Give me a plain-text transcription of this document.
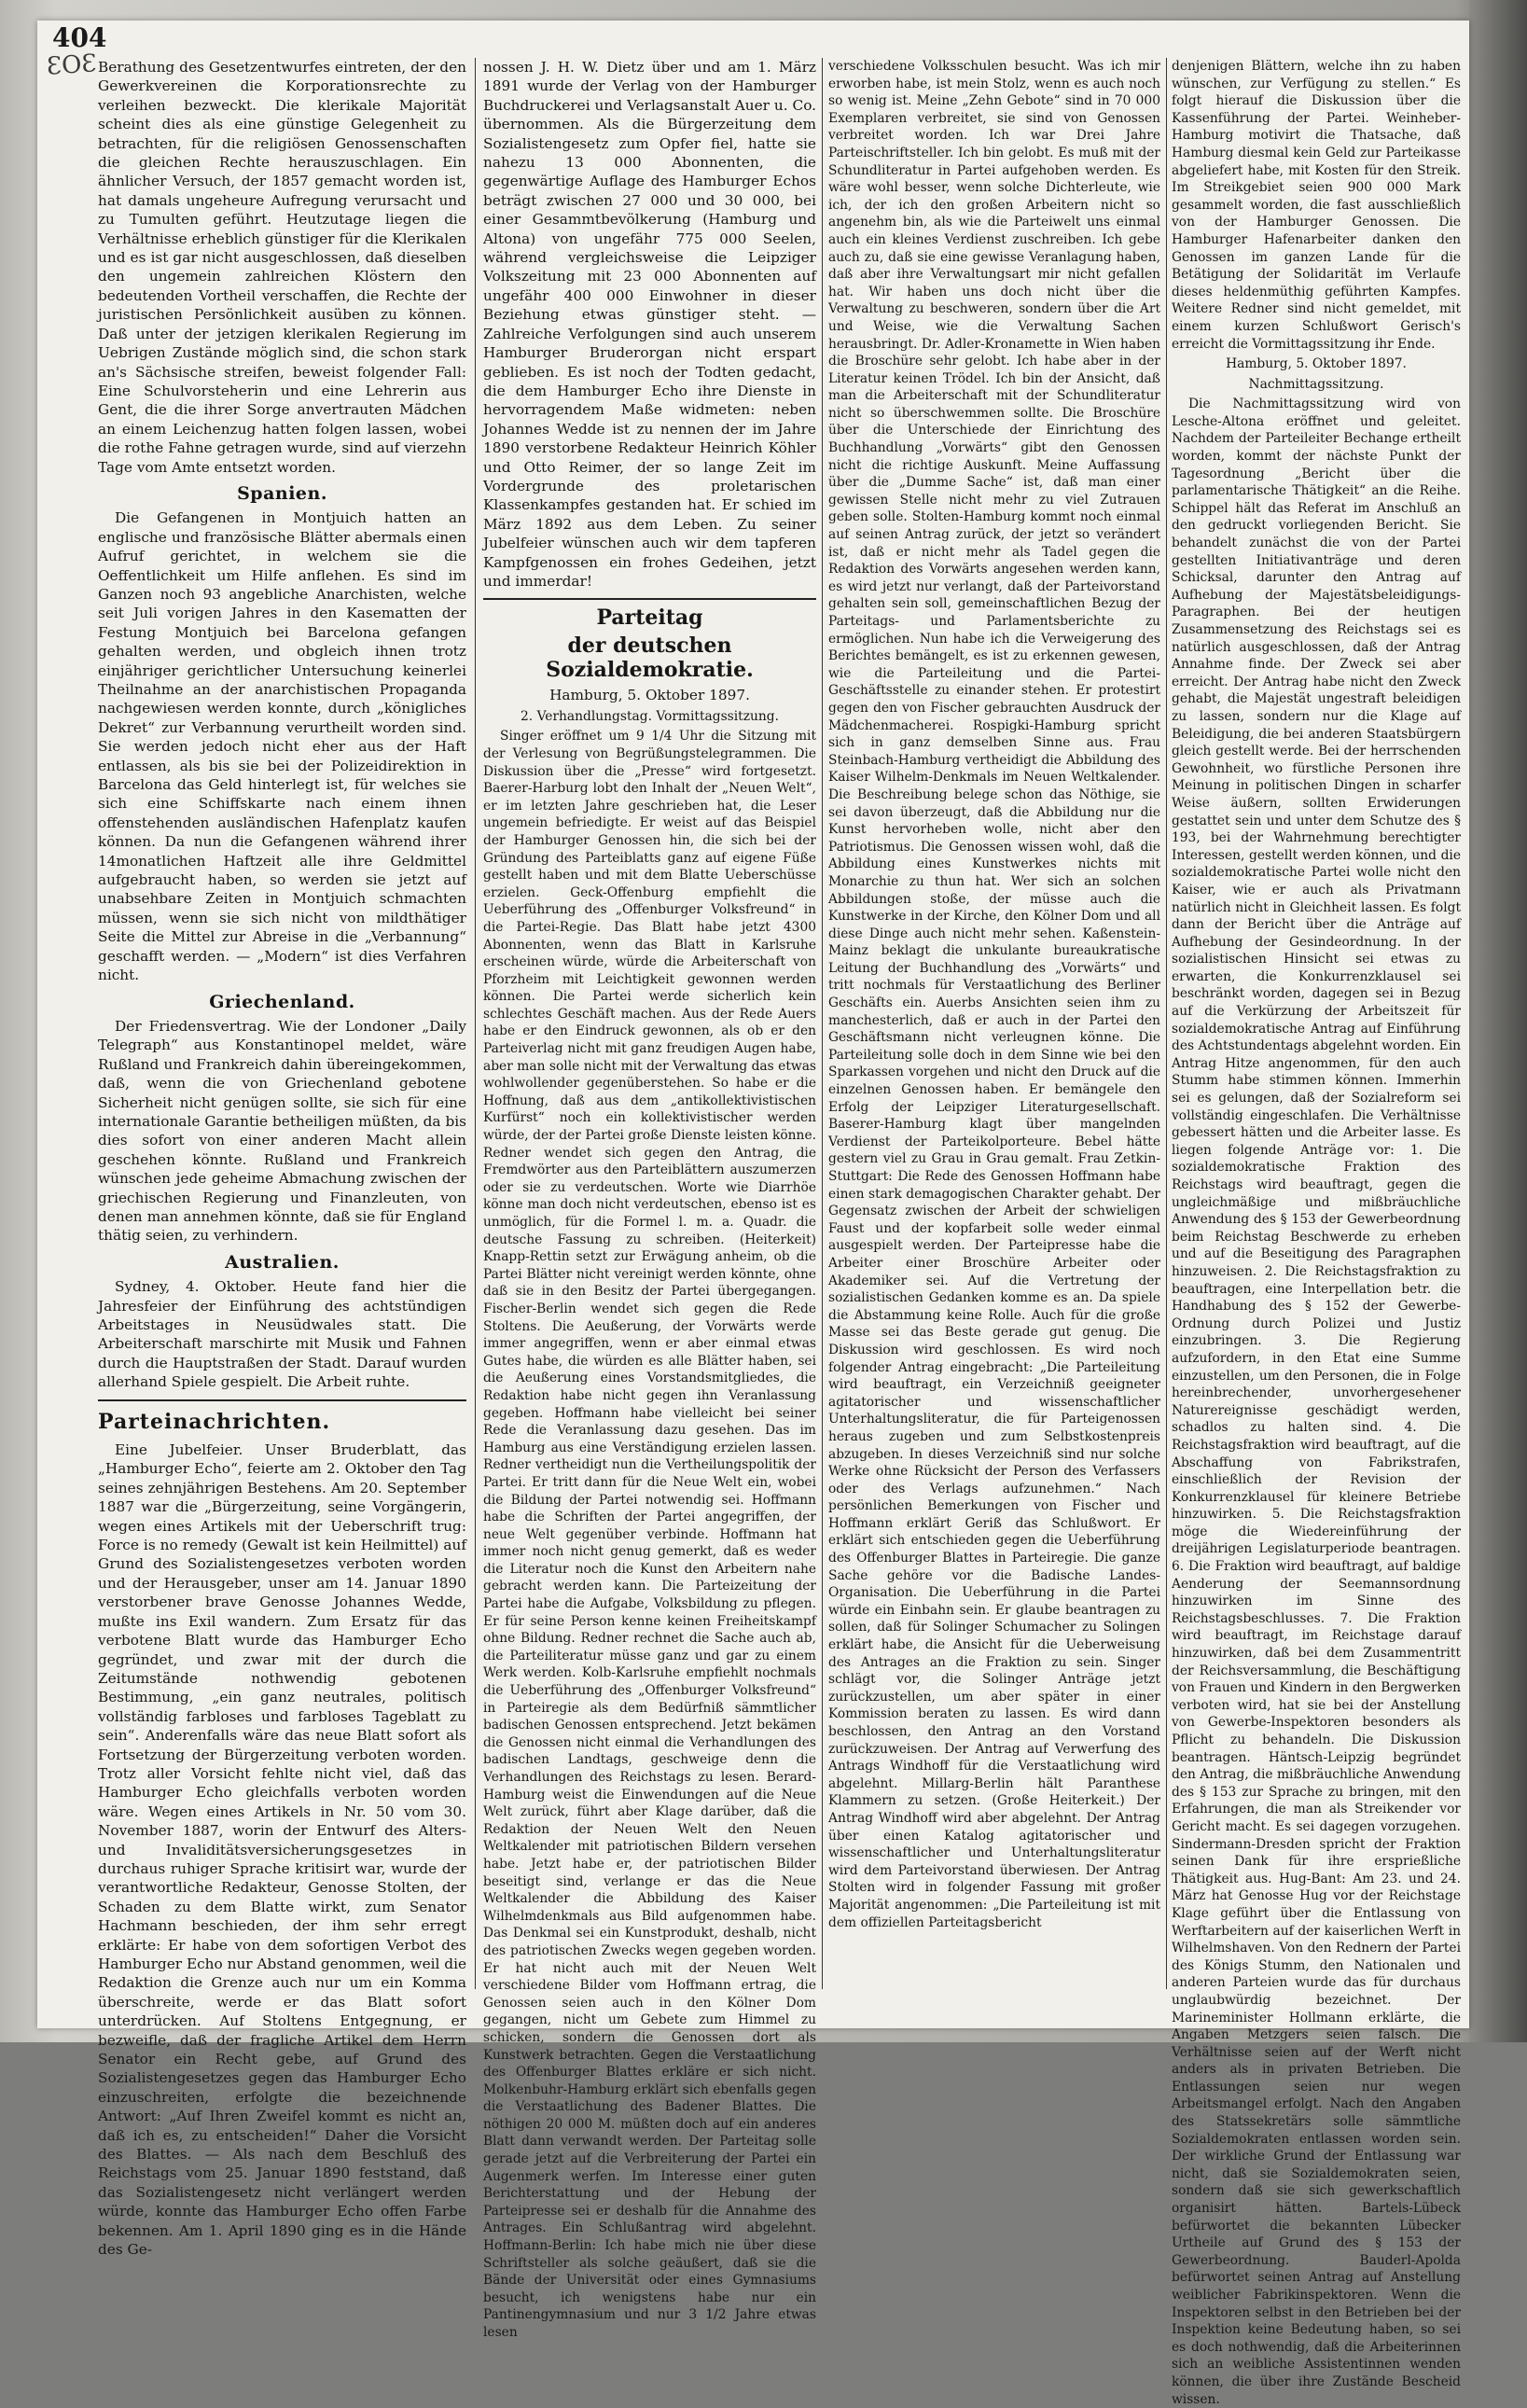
404
ƐOƐ Berathung des Gesetzentwurfes eintreten, der den Gewerkvereinen die Korporationsrechte zu verleihen bezweckt. Die klerikale Majorität scheint dies als eine günstige Gelegenheit zu betrachten, für die religiösen Genossenschaften die gleichen Rechte herauszuschlagen. Ein ähnlicher Versuch, der 1857 gemacht worden ist, hat damals ungeheure Aufregung verursacht und zu Tumulten geführt. Heutzutage liegen die Verhältnisse erheblich günstiger für die Klerikalen und es ist gar nicht ausgeschlossen, daß dieselben den ungemein zahlreichen Klöstern den bedeutenden Vortheil verschaffen, die Rechte der juristischen Persönlichkeit ausüben zu können. Daß unter der jetzigen klerikalen Regierung im Uebrigen Zustände möglich sind, die schon stark an's Sächsische streifen, beweist folgender Fall: Eine Schulvorsteherin und eine Lehrerin aus Gent, die die ihrer Sorge anvertrauten Mädchen an einem Leichenzug hatten folgen lassen, wobei die rothe Fahne getragen wurde, sind auf vierzehn Tage vom Amte entsetzt worden.

Spanien.

Die Gefangenen in Montjuich hatten an englische und französische Blätter abermals einen Aufruf gerichtet, in welchem sie die Oeffentlichkeit um Hilfe anflehen. Es sind im Ganzen noch 93 angebliche Anarchisten, welche seit Juli vorigen Jahres in den Kasematten der Festung Montjuich bei Barcelona gefangen gehalten werden, und obgleich ihnen trotz einjähriger gerichtlicher Untersuchung keinerlei Theilnahme an der anarchistischen Propaganda nachgewiesen werden konnte, durch „königliches Dekret“ zur Verbannung verurtheilt worden sind. Sie werden jedoch nicht eher aus der Haft entlassen, als bis sie bei der Polizeidirektion in Barcelona das Geld hinterlegt ist, für welches sie sich eine Schiffskarte nach einem ihnen offenstehenden ausländischen Hafenplatz kaufen können. Da nun die Gefangenen während ihrer 14monatlichen Haftzeit alle ihre Geldmittel aufgebraucht haben, so werden sie jetzt auf unabsehbare Zeiten in Montjuich schmachten müssen, wenn sie sich nicht von mildthätiger Seite die Mittel zur Abreise in die „Verbannung“ geschafft werden. — „Modern“ ist dies Verfahren nicht.

Griechenland.

Der Friedensvertrag. Wie der Londoner „Daily Telegraph“ aus Konstantinopel meldet, wäre Rußland und Frankreich dahin übereingekommen, daß, wenn die von Griechenland gebotene Sicherheit nicht genügen sollte, sie sich für eine internationale Garantie betheiligen müßten, da bis dies sofort von einer anderen Macht allein geschehen könnte. Rußland und Frankreich wünschen jede geheime Abmachung zwischen der griechischen Regierung und Finanzleuten, von denen man annehmen könnte, daß sie für England thätig seien, zu verhindern.

Australien.

Sydney, 4. Oktober. Heute fand hier die Jahresfeier der Einführung des achtstündigen Arbeitstages in Neusüdwales statt. Die Arbeiterschaft marschirte mit Musik und Fahnen durch die Hauptstraßen der Stadt. Darauf wurden allerhand Spiele gespielt. Die Arbeit ruhte.

Parteinachrichten.

Eine Jubelfeier. Unser Bruderblatt, das „Hamburger Echo“, feierte am 2. Oktober den Tag seines zehnjährigen Bestehens. Am 20. September 1887 war die „Bürgerzeitung, seine Vorgängerin, wegen eines Artikels mit der Ueberschrift trug: Force is no remedy (Gewalt ist kein Heilmittel) auf Grund des Sozialistengesetzes verboten worden und der Herausgeber, unser am 14. Januar 1890 verstorbener brave Genosse Johannes Wedde, mußte ins Exil wandern. Zum Ersatz für das verbotene Blatt wurde das Hamburger Echo gegründet, und zwar mit der durch die Zeitumstände nothwendig gebotenen Bestimmung, „ein ganz neutrales, politisch vollständig farbloses und farbloses Tageblatt zu sein“. Anderenfalls wäre das neue Blatt sofort als Fortsetzung der Bürgerzeitung verboten worden. Trotz aller Vorsicht fehlte nicht viel, daß das Hamburger Echo gleichfalls verboten worden wäre. Wegen eines Artikels in Nr. 50 vom 30. November 1887, worin der Entwurf des Alters- und Invaliditätsversicherungsgesetzes in durchaus ruhiger Sprache kritisirt war, wurde der verantwortliche Redakteur, Genosse Stolten, der Schaden zu dem Blatte wirkt, zum Senator Hachmann beschieden, der ihm sehr erregt erklärte: Er habe von dem sofortigen Verbot des Hamburger Echo nur Abstand genommen, weil die Redaktion die Grenze auch nur um ein Komma überschreite, werde er das Blatt sofort unterdrücken. Auf Stoltens Entgegnung, er bezweifle, daß der fragliche Artikel dem Herrn Senator ein Recht gebe, auf Grund des Sozialistengesetzes gegen das Hamburger Echo einzuschreiten, erfolgte die bezeichnende Antwort: „Auf Ihren Zweifel kommt es nicht an, daß ich es, zu entscheiden!“ Daher die Vorsicht des Blattes. — Als nach dem Beschluß des Reichstags vom 25. Januar 1890 feststand, daß das Sozialistengesetz nicht verlängert werden würde, konnte das Hamburger Echo offen Farbe bekennen. Am 1. April 1890 ging es in die Hände des Ge-

nossen J. H. W. Dietz über und am 1. März 1891 wurde der Verlag von der Hamburger Buchdruckerei und Verlagsanstalt Auer u. Co. übernommen. Als die Bürgerzeitung dem Sozialistengesetz zum Opfer fiel, hatte sie nahezu 13 000 Abonnenten, die gegenwärtige Auflage des Hamburger Echos beträgt zwischen 27 000 und 30 000, bei einer Gesammtbevölkerung (Hamburg und Altona) von ungefähr 775 000 Seelen, während vergleichsweise die Leipziger Volkszeitung mit 23 000 Abonnenten auf ungefähr 400 000 Einwohner in dieser Beziehung etwas günstiger steht. — Zahlreiche Verfolgungen sind auch unserem Hamburger Bruderorgan nicht erspart geblieben. Es ist noch der Todten gedacht, die dem Hamburger Echo ihre Dienste in hervorragendem Maße widmeten: neben Johannes Wedde ist zu nennen der im Jahre 1890 verstorbene Redakteur Heinrich Köhler und Otto Reimer, der so lange Zeit im Vordergrunde des proletarischen Klassenkampfes gestanden hat. Er schied im März 1892 aus dem Leben. Zu seiner Jubelfeier wünschen auch wir dem tapferen Kampfgenossen ein frohes Gedeihen, jetzt und immerdar!

Parteitag
der deutschen Sozialdemokratie.

Hamburg, 5. Oktober 1897.

2. Verhandlungstag. Vormittagssitzung.

Singer eröffnet um 9 1/4 Uhr die Sitzung mit der Verlesung von Begrüßungstelegrammen. Die Diskussion über die „Presse“ wird fortgesetzt. Baerer-Harburg lobt den Inhalt der „Neuen Welt“, er im letzten Jahre geschrieben hat, die Leser ungemein befriedigte. Er weist auf das Beispiel der Hamburger Genossen hin, die sich bei der Gründung des Parteiblatts ganz auf eigene Füße gestellt haben und mit dem Blatte Ueberschüsse erzielen. Geck-Offenburg empfiehlt die Ueberführung des „Offenburger Volksfreund“ in die Partei-Regie. Das Blatt habe jetzt 4300 Abonnenten, wenn das Blatt in Karlsruhe erscheinen würde, würde die Arbeiterschaft von Pforzheim mit Leichtigkeit gewonnen werden können. Die Partei werde sicherlich kein schlechtes Geschäft machen. Aus der Rede Auers habe er den Eindruck gewonnen, als ob er den Parteiverlag nicht mit ganz freudigen Augen habe, aber man solle nicht mit der Verwaltung das etwas wohlwollender gegenüberstehen. So habe er die Hoffnung, daß aus dem „antikollektivistischen Kurfürst“ noch ein kollektivistischer werden würde, der der Partei große Dienste leisten könne. Redner wendet sich gegen den Antrag, die Fremdwörter aus den Parteiblättern auszumerzen oder sie zu verdeutschen. Worte wie Diarrhöe könne man doch nicht verdeutschen, ebenso ist es unmöglich, für die Formel l. m. a. Quadr. die deutsche Fassung zu schreiben. (Heiterkeit) Knapp-Rettin setzt zur Erwägung anheim, ob die Partei Blätter nicht vereinigt werden könnte, ohne daß sie in den Besitz der Partei übergegangen. Fischer-Berlin wendet sich gegen die Rede Stoltens. Die Aeußerung, der Vorwärts werde immer angegriffen, wenn er aber einmal etwas Gutes habe, die würden es alle Blätter haben, sei die Aeußerung eines Vorstandsmitgliedes, die Redaktion habe nicht gegen ihn Veranlassung gegeben. Hoffmann habe vielleicht bei seiner Rede die Veranlassung dazu gesehen. Das im Hamburg aus eine Verständigung erzielen lassen. Redner vertheidigt nun die Vertheilungspolitik der Partei. Er tritt dann für die Neue Welt ein, wobei die Bildung der Partei notwendig sei. Hoffmann habe die Schriften der Partei angegriffen, der neue Welt gegenüber verbinde. Hoffmann hat immer noch nicht genug gemerkt, daß es weder die Literatur noch die Kunst den Arbeitern nahe gebracht werden kann. Die Parteizeitung der Partei habe die Aufgabe, Volksbildung zu pflegen. Er für seine Person kenne keinen Freiheitskampf ohne Bildung. Redner rechnet die Sache auch ab, die Parteiliteratur müsse ganz und gar zu einem Werk werden. Kolb-Karlsruhe empfiehlt nochmals die Ueberführung des „Offenburger Volksfreund“ in Parteiregie als dem Bedürfniß sämmtlicher badischen Genossen entsprechend. Jetzt bekämen die Genossen nicht einmal die Verhandlungen des badischen Landtags, geschweige denn die Verhandlungen des Reichstags zu lesen. Berard-Hamburg weist die Einwendungen auf die Neue Welt zurück, führt aber Klage darüber, daß die Redaktion der Neuen Welt den Neuen Weltkalender mit patriotischen Bildern versehen habe. Jetzt habe er, der patriotischen Bilder beseitigt sind, verlange er das die Neue Weltkalender die Abbildung des Kaiser Wilhelmdenkmals aus Bild aufgenommen habe. Das Denkmal sei ein Kunstprodukt, deshalb, nicht des patriotischen Zwecks wegen gegeben worden. Er hat nicht auch mit der Neuen Welt verschiedene Bilder vom Hoffmann ertrag, die Genossen seien auch in den Kölner Dom gegangen, nicht um Gebete zum Himmel zu schicken, sondern die Genossen dort als Kunstwerk betrachten. Gegen die Verstaatlichung des Offenburger Blattes erkläre er sich nicht. Molkenbuhr-Hamburg erklärt sich ebenfalls gegen die Verstaatlichung des Badener Blattes. Die nöthigen 20 000 M. müßten doch auf ein anderes Blatt dann verwandt werden. Der Parteitag solle gerade jetzt auf die Verbreiterung der Partei ein Augenmerk werfen. Im Interesse einer guten Berichterstattung und der Hebung der Parteipresse sei er deshalb für die Annahme des Antrages. Ein Schlußantrag wird abgelehnt. Hoffmann-Berlin: Ich habe mich nie über diese Schriftsteller als solche geäußert, daß sie die Bände der Universität oder eines Gymnasiums besucht, ich wenigstens habe nur ein Pantinengymnasium und nur 3 1/2 Jahre etwas lesen

verschiedene Volksschulen besucht. Was ich mir erworben habe, ist mein Stolz, wenn es auch noch so wenig ist. Meine „Zehn Gebote“ sind in 70 000 Exemplaren verbreitet, sie sind von Genossen verbreitet worden. Ich war Drei Jahre Parteischriftsteller. Ich bin gelobt. Es muß mit der Schundliteratur in Partei aufgehoben werden. Es wäre wohl besser, wenn solche Dichterleute, wie ich, der ich den großen Arbeitern nicht so angenehm bin, als wie die Parteiwelt uns einmal auch ein kleines Verdienst zuschreiben. Ich gebe auch zu, daß sie eine gewisse Veranlagung haben, daß aber ihre Verwaltungsart mir nicht gefallen hat. Wir haben uns doch nicht über die Verwaltung zu beschweren, sondern über die Art und Weise, wie die Verwaltung Sachen herausbringt. Dr. Adler-Kronamette in Wien haben die Broschüre sehr gelobt. Ich habe aber in der Literatur keinen Trödel. Ich bin der Ansicht, daß man die Arbeiterschaft mit der Schundliteratur nicht so überschwemmen sollte. Die Broschüre über die Unterschiede der Einrichtung des Buchhandlung „Vorwärts“ gibt den Genossen nicht die richtige Auskunft. Meine Auffassung über die „Dumme Sache“ ist, daß man einer gewissen Stelle nicht mehr zu viel Zutrauen geben solle. Stolten-Hamburg kommt noch einmal auf seinen Antrag zurück, der jetzt so verändert ist, daß er nicht mehr als Tadel gegen die Redaktion des Vorwärts angesehen werden kann, es wird jetzt nur verlangt, daß der Parteivorstand gehalten sein soll, gemeinschaftlichen Bezug der Parteitags- und Parlamentsberichte zu ermöglichen. Nun habe ich die Verweigerung des Berichtes bemängelt, es ist zu erkennen gewesen, wie die Parteileitung und die Partei-Geschäftsstelle zu einander stehen. Er protestirt gegen den von Fischer gebrauchten Ausdruck der Mädchenmacherei. Rospigki-Hamburg spricht sich in ganz demselben Sinne aus. Frau Steinbach-Hamburg vertheidigt die Abbildung des Kaiser Wilhelm-Denkmals im Neuen Weltkalender. Die Beschreibung belege schon das Nöthige, sie sei davon überzeugt, daß die Abbildung nur die Kunst hervorheben wolle, nicht aber den Patriotismus. Die Genossen wissen wohl, daß die Abbildung eines Kunstwerkes nichts mit Monarchie zu thun hat. Wer sich an solchen Abbildungen stoße, der müsse auch die Kunstwerke in der Kirche, den Kölner Dom und all diese Dinge auch nicht mehr sehen. Kaßenstein-Mainz beklagt die unkulante bureaukratische Leitung der Buchhandlung des „Vorwärts“ und tritt nochmals für Verstaatlichung des Berliner Geschäfts ein. Auerbs Ansichten seien ihm zu manchesterlich, daß er auch in der Partei den Geschäftsmann nicht verleugnen könne. Die Parteileitung solle doch in dem Sinne wie bei den Sparkassen vorgehen und nicht den Druck auf die einzelnen Genossen haben. Er bemängele den Erfolg der Leipziger Literaturgesellschaft. Baserer-Hamburg klagt über mangelnden Verdienst der Parteikolporteure. Bebel hätte gestern viel zu Grau in Grau gemalt. Frau Zetkin-Stuttgart: Die Rede des Genossen Hoffmann habe einen stark demagogischen Charakter gehabt. Der Gegensatz zwischen der Arbeit der schwieligen Faust und der kopfarbeit solle weder einmal ausgespielt werden. Der Parteipresse habe die Arbeiter einer Broschüre Arbeiter oder Akademiker sei. Auf die Vertretung der sozialistischen Gedanken komme es an. Da spiele die Abstammung keine Rolle. Auch für die große Masse sei das Beste gerade gut genug. Die Diskussion wird geschlossen. Es wird noch folgender Antrag eingebracht: „Die Parteileitung wird beauftragt, ein Verzeichniß geeigneter agitatorischer und wissenschaftlicher Unterhaltungsliteratur, die für Parteigenossen heraus zugeben und zum Selbstkostenpreis abzugeben. In dieses Verzeichniß sind nur solche Werke ohne Rücksicht der Person des Verfassers oder des Verlags aufzunehmen.“ Nach persönlichen Bemerkungen von Fischer und Hoffmann erklärt Geriß das Schlußwort. Er erklärt sich entschieden gegen die Ueberführung des Offenburger Blattes in Parteiregie. Die ganze Sache gehöre vor die Badische Landes-Organisation. Die Ueberführung in die Partei würde ein Einbahn sein. Er glaube beantragen zu sollen, daß für Solinger Schumacher zu Solingen erklärt habe, die Ansicht für die Ueberweisung des Antrages an die Fraktion zu sein. Singer schlägt vor, die Solinger Anträge jetzt zurückzustellen, um aber später in einer Kommission beraten zu lassen. Es wird dann beschlossen, den Antrag an den Vorstand zurückzuweisen. Der Antrag auf Verwerfung des Antrags Windhoff für die Verstaatlichung wird abgelehnt. Millarg-Berlin hält Paranthese Klammern zu setzen. (Große Heiterkeit.) Der Antrag Windhoff wird aber abgelehnt. Der Antrag über einen Katalog agitatorischer und wissenschaftlicher und Unterhaltungsliteratur wird dem Parteivorstand überwiesen. Der Antrag Stolten wird in folgender Fassung mit großer Majorität angenommen: „Die Parteileitung ist mit dem offiziellen Parteitagsbericht

denjenigen Blättern, welche ihn zu haben wünschen, zur Verfügung zu stellen.“ Es folgt hierauf die Diskussion über die Kassenführung der Partei. Weinheber-Hamburg motivirt die Thatsache, daß Hamburg diesmal kein Geld zur Parteikasse abgeliefert habe, mit Kosten für den Streik. Im Streikgebiet seien 900 000 Mark gesammelt worden, die fast ausschließlich von der Hamburger Genossen. Die Hamburger Hafenarbeiter danken den Genossen im ganzen Lande für die Betätigung der Solidarität im Verlaufe dieses heldenmüthig geführten Kampfes. Weitere Redner sind nicht gemeldet, mit einem kurzen Schlußwort Gerisch's erreicht die Vormittagssitzung ihr Ende.

Hamburg, 5. Oktober 1897.

Nachmittagssitzung.

Die Nachmittagssitzung wird von Lesche-Altona eröffnet und geleitet. Nachdem der Parteileiter Bechange ertheilt worden, kommt der nächste Punkt der Tagesordnung „Bericht über die parlamentarische Thätigkeit“ an die Reihe. Schippel hält das Referat im Anschluß an den gedruckt vorliegenden Bericht. Sie behandelt zunächst die von der Partei gestellten Initiativanträge und deren Schicksal, darunter den Antrag auf Aufhebung der Majestätsbeleidigungs-Paragraphen. Bei der heutigen Zusammensetzung des Reichstags sei es natürlich ausgeschlossen, daß der Antrag Annahme finde. Der Zweck sei aber erreicht. Der Antrag habe nicht den Zweck gehabt, die Majestät ungestraft beleidigen zu lassen, sondern nur die Klage auf Beleidigung, die bei anderen Staatsbürgern gleich gestellt werde. Bei der herrschenden Gewohnheit, wo fürstliche Personen ihre Meinung in politischen Dingen in scharfer Weise äußern, sollten Erwiderungen gestattet sein und unter dem Schutze des § 193, bei der Wahrnehmung berechtigter Interessen, gestellt werden können, und die sozialdemokratische Partei wolle nicht den Kaiser, wie er auch als Privatmann natürlich nicht in Gleichheit lassen. Es folgt dann der Bericht über die Anträge auf Aufhebung der Gesindeordnung. In der sozialistischen Hinsicht sei etwas zu erwarten, die Konkurrenzklausel sei beschränkt worden, dagegen sei in Bezug auf die Verkürzung der Arbeitszeit für sozialdemokratische Antrag auf Einführung des Achtstundentags abgelehnt worden. Ein Antrag Hitze angenommen, für den auch Stumm habe stimmen können. Immerhin sei es gelungen, daß der Sozialreform sei vollständig eingeschlafen. Die Verhältnisse gebessert hätten und die Arbeiter lasse. Es liegen folgende Anträge vor: 1. Die sozialdemokratische Fraktion des Reichstags wird beauftragt, gegen die ungleichmäßige und mißbräuchliche Anwendung des § 153 der Gewerbeordnung beim Reichstag Beschwerde zu erheben und auf die Beseitigung des Paragraphen hinzuweisen. 2. Die Reichstagsfraktion zu beauftragen, eine Interpellation betr. die Handhabung des § 152 der Gewerbe-Ordnung durch Polizei und Justiz einzubringen. 3. Die Regierung aufzufordern, in den Etat eine Summe einzustellen, um den Personen, die in Folge hereinbrechender, unvorhergesehener Naturereignisse geschädigt werden, schadlos zu halten sind. 4. Die Reichstagsfraktion wird beauftragt, auf die Abschaffung von Fabrikstrafen, einschließlich der Revision der Konkurrenzklausel für kleinere Betriebe hinzuwirken. 5. Die Reichstagsfraktion möge die Wiedereinführung der dreijährigen Legislaturperiode beantragen. 6. Die Fraktion wird beauftragt, auf baldige Aenderung der Seemannsordnung hinzuwirken im Sinne des Reichstagsbeschlusses. 7. Die Fraktion wird beauftragt, im Reichstage darauf hinzuwirken, daß bei dem Zusammentritt der Reichsversammlung, die Beschäftigung von Frauen und Kindern in den Bergwerken verboten wird, hat sie bei der Anstellung von Gewerbe-Inspektoren besonders als Pflicht zu behandeln. Die Diskussion beantragen. Häntsch-Leipzig begründet den Antrag, die mißbräuchliche Anwendung des § 153 zur Sprache zu bringen, mit den Erfahrungen, die man als Streikender vor Gericht macht. Es sei dagegen vorzugehen. Sindermann-Dresden spricht der Fraktion seinen Dank für ihre ersprießliche Thätigkeit aus. Hug-Bant: Am 23. und 24. März hat Genosse Hug vor der Reichstage Klage geführt über die Entlassung von Werftarbeitern auf der kaiserlichen Werft in Wilhelmshaven. Von den Rednern der Partei des Königs Stumm, den Nationalen und anderen Parteien wurde das für durchaus unglaubwürdig bezeichnet. Der Marineminister Hollmann erklärte, die Angaben Metzgers seien falsch. Die Verhältnisse seien auf der Werft nicht anders als in privaten Betrieben. Die Entlassungen seien nur wegen Arbeitsmangel erfolgt. Nach den Angaben des Statssekretärs solle sämmtliche Sozialdemokraten entlassen worden sein. Der wirkliche Grund der Entlassung war nicht, daß sie Sozialdemokraten seien, sondern daß sie sich gewerkschaftlich organisirt hätten. Bartels-Lübeck befürwortet die bekannten Lübecker Urtheile auf Grund des § 153 der Gewerbeordnung. Bauderl-Apolda befürwortet seinen Antrag auf Anstellung weiblicher Fabrikinspektoren. Wenn die Inspektoren selbst in den Betrieben bei der Inspektion keine Bedeutung haben, so sei es doch nothwendig, daß die Arbeiterinnen sich an weibliche Assistentinnen wenden können, die über ihre Zustände Bescheid wissen.
